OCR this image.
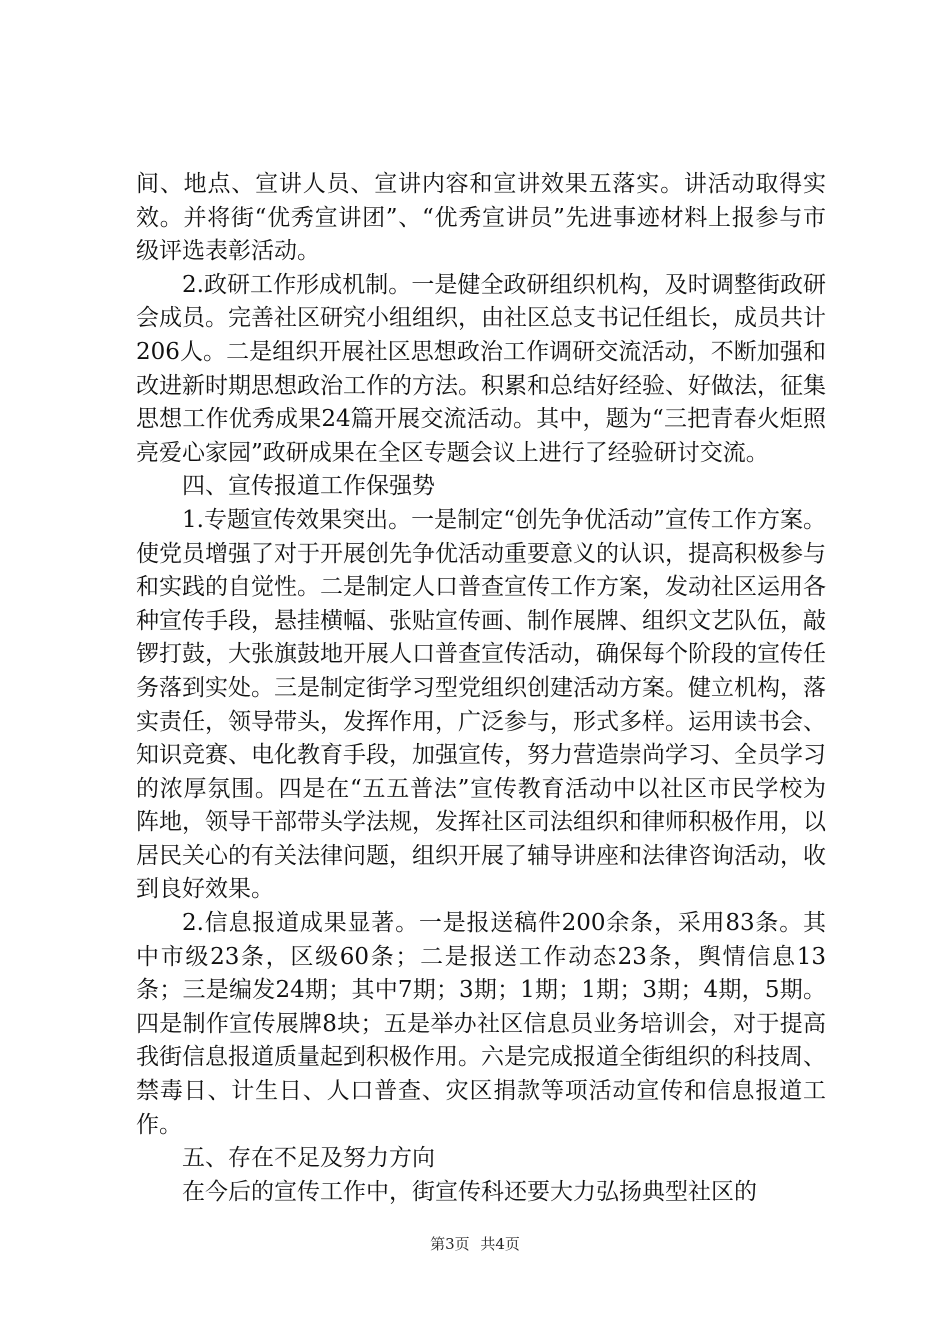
间、地点、宣讲人员、宣讲内容和宣讲效果五落实。讲活动取得实效。并将街“优秀宣讲团”、“优秀宣讲员”先进事迹材料上报参与市级评选表彰活动。

2.政研工作形成机制。一是健全政研组织机构，及时调整街政研会成员。完善社区研究小组组织，由社区总支书记任组长，成员共计206人。二是组织开展社区思想政治工作调研交流活动，不断加强和改进新时期思想政治工作的方法。积累和总结好经验、好做法，征集思想工作优秀成果24篇开展交流活动。其中，题为“三把青春火炬照亮爱心家园”政研成果在全区专题会议上进行了经验研讨交流。

四、宣传报道工作保强势

1.专题宣传效果突出。一是制定“创先争优活动”宣传工作方案。使党员增强了对于开展创先争优活动重要意义的认识，提高积极参与和实践的自觉性。二是制定人口普查宣传工作方案，发动社区运用各种宣传手段，悬挂横幅、张贴宣传画、制作展牌、组织文艺队伍，敲锣打鼓，大张旗鼓地开展人口普查宣传活动，确保每个阶段的宣传任务落到实处。三是制定街学习型党组织创建活动方案。健立机构，落实责任，领导带头，发挥作用，广泛参与，形式多样。运用读书会、知识竞赛、电化教育手段，加强宣传，努力营造崇尚学习、全员学习的浓厚氛围。四是在“五五普法”宣传教育活动中以社区市民学校为阵地，领导干部带头学法规，发挥社区司法组织和律师积极作用，以居民关心的有关法律问题，组织开展了辅导讲座和法律咨询活动，收到良好效果。

2.信息报道成果显著。一是报送稿件200余条，采用83条。其中市级23条，区级60条；二是报送工作动态23条，舆情信息13条；三是编发24期；其中7期；3期；1期；1期；3期；4期，5期。四是制作宣传展牌8块；五是举办社区信息员业务培训会，对于提高我街信息报道质量起到积极作用。六是完成报道全街组织的科技周、禁毒日、计生日、人口普查、灾区捐款等项活动宣传和信息报道工作。

五、存在不足及努力方向

在今后的宣传工作中，街宣传科还要大力弘扬典型社区的

第3页 共4页
